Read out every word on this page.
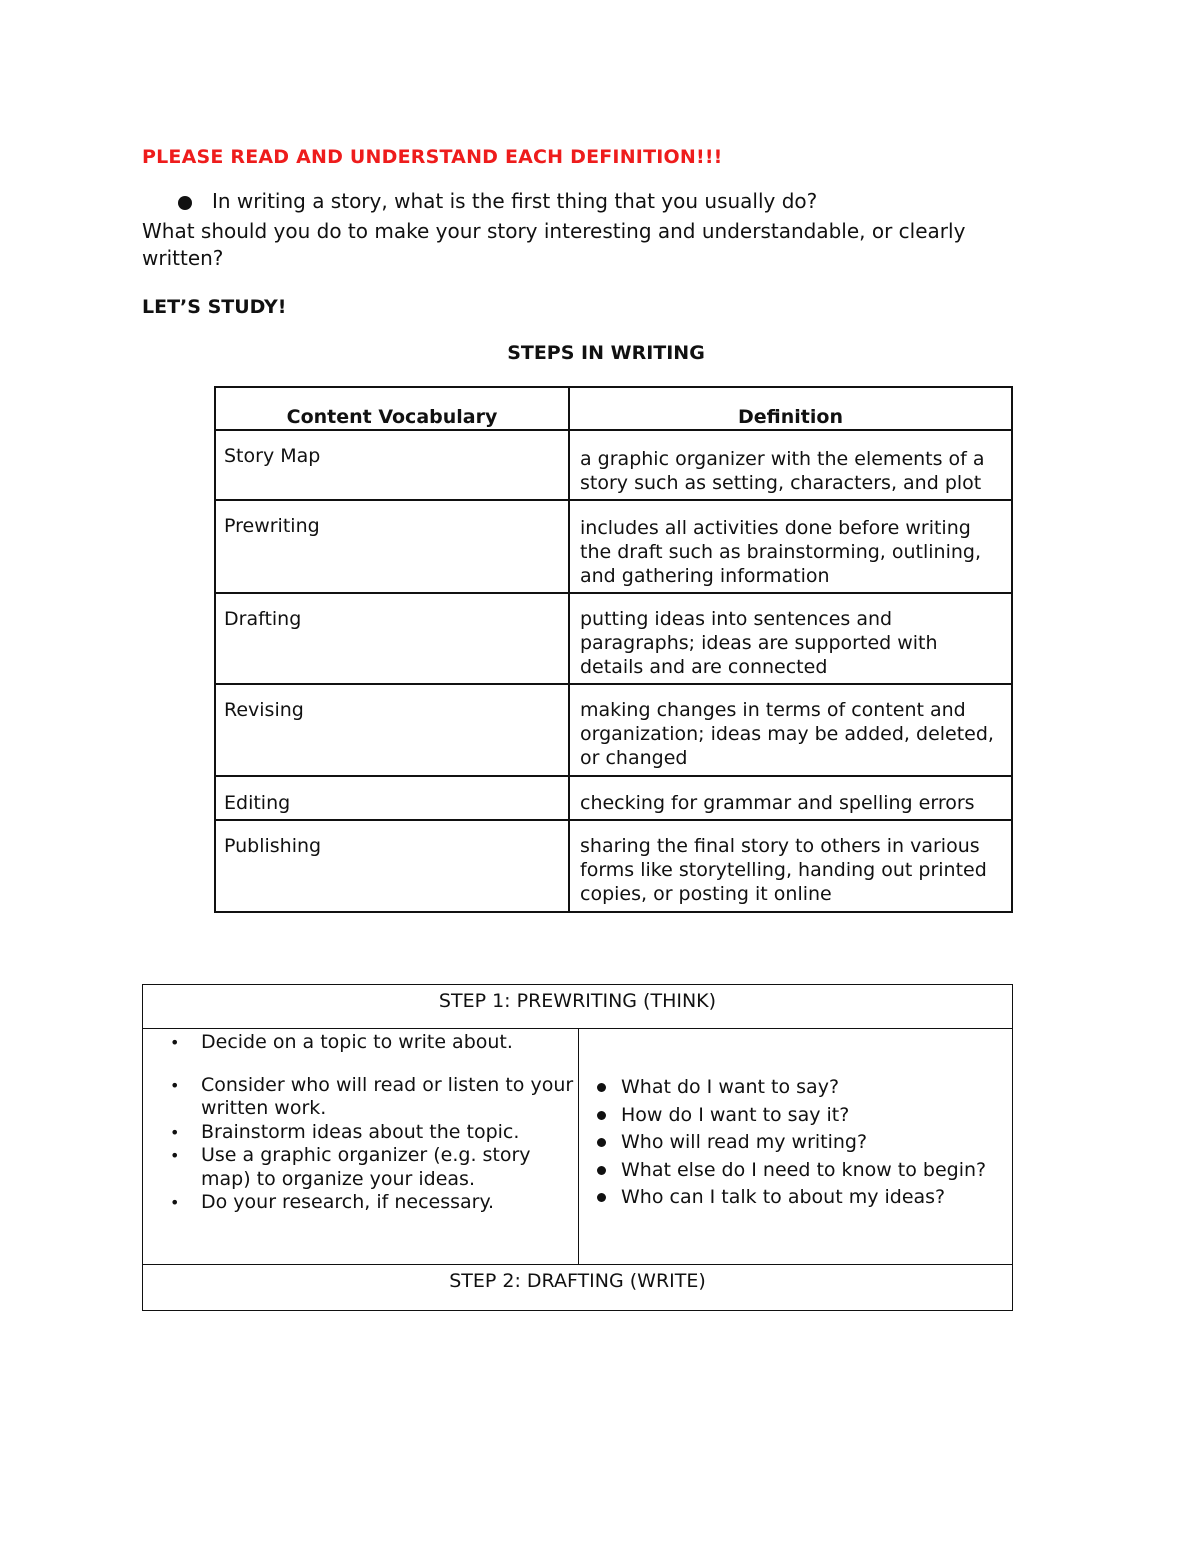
PLEASE READ AND UNDERSTAND EACH DEFINITION!!!
In writing a story, what is the first thing that you usually do?
What should you do to make your story interesting and understandable, or clearly written?
LET’S STUDY!
STEPS IN WRITING
Content Vocabulary	Definition
Story Map	a graphic organizer with the elements of a story such as setting, characters, and plot
Prewriting	includes all activities done before writing the draft such as brainstorming, outlining, and gathering information
Drafting	putting ideas into sentences and paragraphs; ideas are supported with details and are connected
Revising	making changes in terms of content and organization; ideas may be added, deleted, or changed
Editing	checking for grammar and spelling errors
Publishing	sharing the final story to others in various forms like storytelling, handing out printed copies, or posting it online
STEP 1: PREWRITING (THINK)

• Decide on a topic to write about.
• Consider who will read or listen to your written work.
• Brainstorm ideas about the topic.
• Use a graphic organizer (e.g. story map) to organize your ideas.
• Do your research, if necessary.

What do I want to say?
How do I want to say it?
Who will read my writing?
What else do I need to know to begin?
Who can I talk to about my ideas?

STEP 2: DRAFTING (WRITE)
